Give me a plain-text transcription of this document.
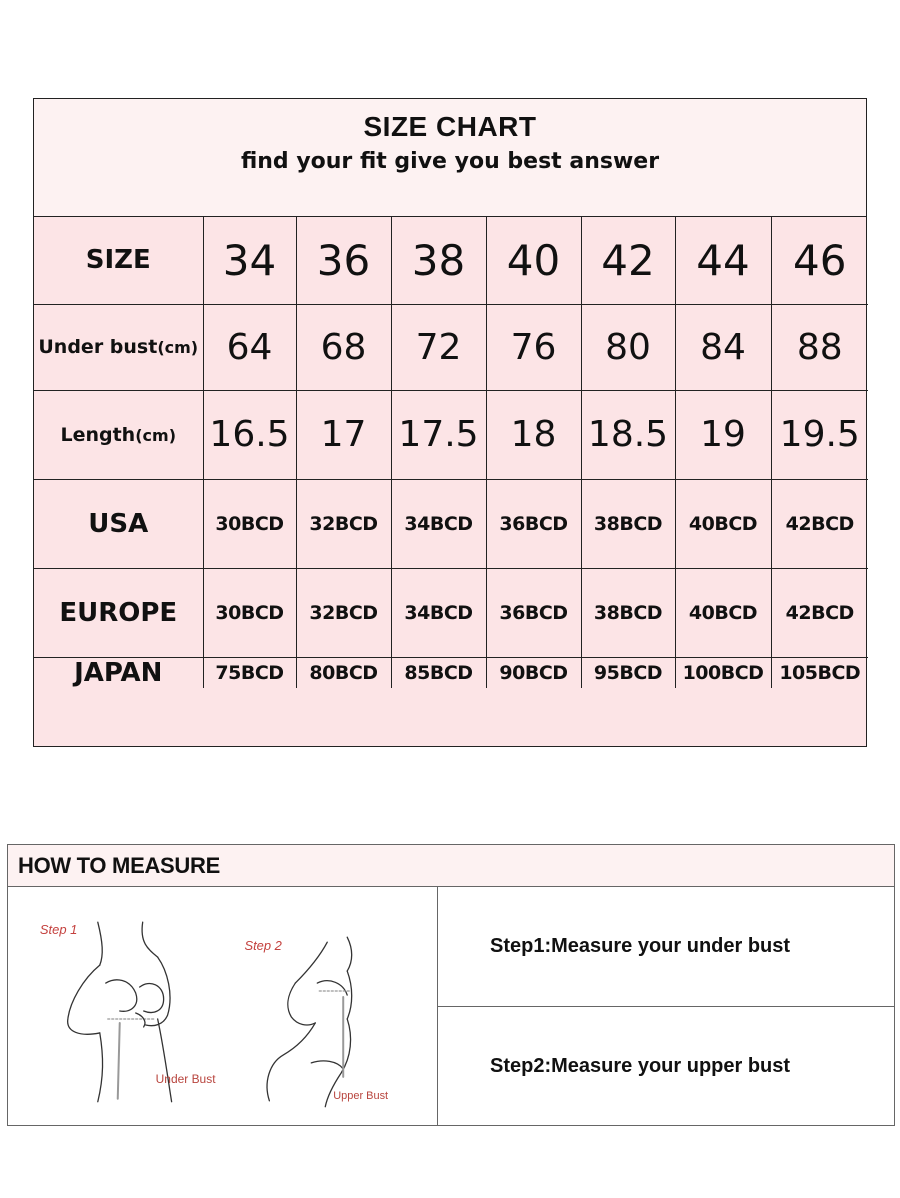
SIZE CHART
find your fit give you best answer
SIZE	34	36	38	40	42	44	46
Under bust(cm)	64	68	72	76	80	84	88
Length(cm)	16.5	17	17.5	18	18.5	19	19.5
USA	30BCD	32BCD	34BCD	36BCD	38BCD	40BCD	42BCD
EUROPE	30BCD	32BCD	34BCD	36BCD	38BCD	40BCD	42BCD
JAPAN	75BCD	80BCD	85BCD	90BCD	95BCD	100BCD	105BCD
HOW TO MEASURE
Step 1
Under Bust
Step 2
Upper Bust
Step1:Measure your under bust
Step2:Measure your upper bust
